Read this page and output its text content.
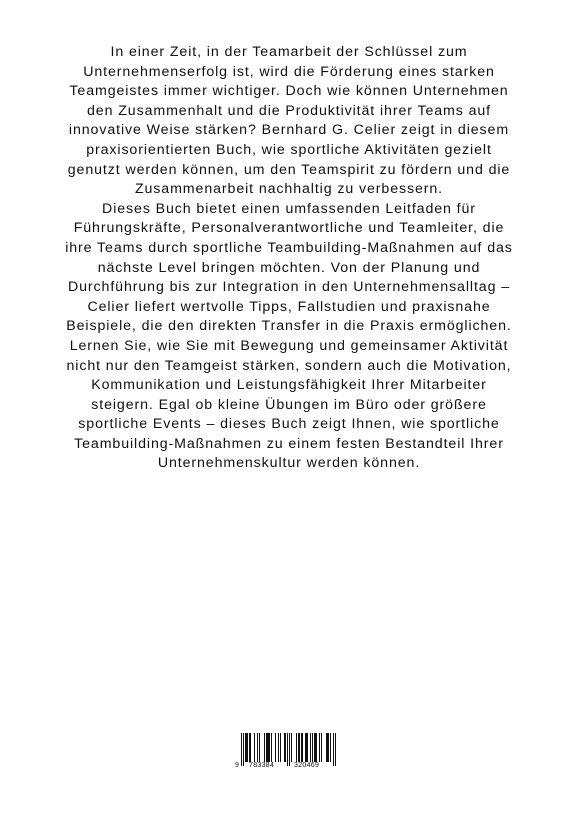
In einer Zeit, in der Teamarbeit der Schlüssel zum Unternehmenserfolg ist, wird die Förderung eines starken Teamgeistes immer wichtiger. Doch wie können Unternehmen den Zusammenhalt und die Produktivität ihrer Teams auf innovative Weise stärken? Bernhard G. Celier zeigt in diesem praxisorientierten Buch, wie sportliche Aktivitäten gezielt genutzt werden können, um den Teamspirit zu fördern und die Zusammenarbeit nachhaltig zu verbessern.

Dieses Buch bietet einen umfassenden Leitfaden für Führungskräfte, Personalverantwortliche und Teamleiter, die ihre Teams durch sportliche Teambuilding-Maßnahmen auf das nächste Level bringen möchten. Von der Planung und Durchführung bis zur Integration in den Unternehmensalltag – Celier liefert wertvolle Tipps, Fallstudien und praxisnahe Beispiele, die den direkten Transfer in die Praxis ermöglichen.

Lernen Sie, wie Sie mit Bewegung und gemeinsamer Aktivität nicht nur den Teamgeist stärken, sondern auch die Motivation, Kommunikation und Leistungsfähigkeit Ihrer Mitarbeiter steigern. Egal ob kleine Übungen im Büro oder größere sportliche Events – dieses Buch zeigt Ihnen, wie sportliche Teambuilding-Maßnahmen zu einem festen Bestandteil Ihrer Unternehmenskultur werden können.

9 783384	320469
